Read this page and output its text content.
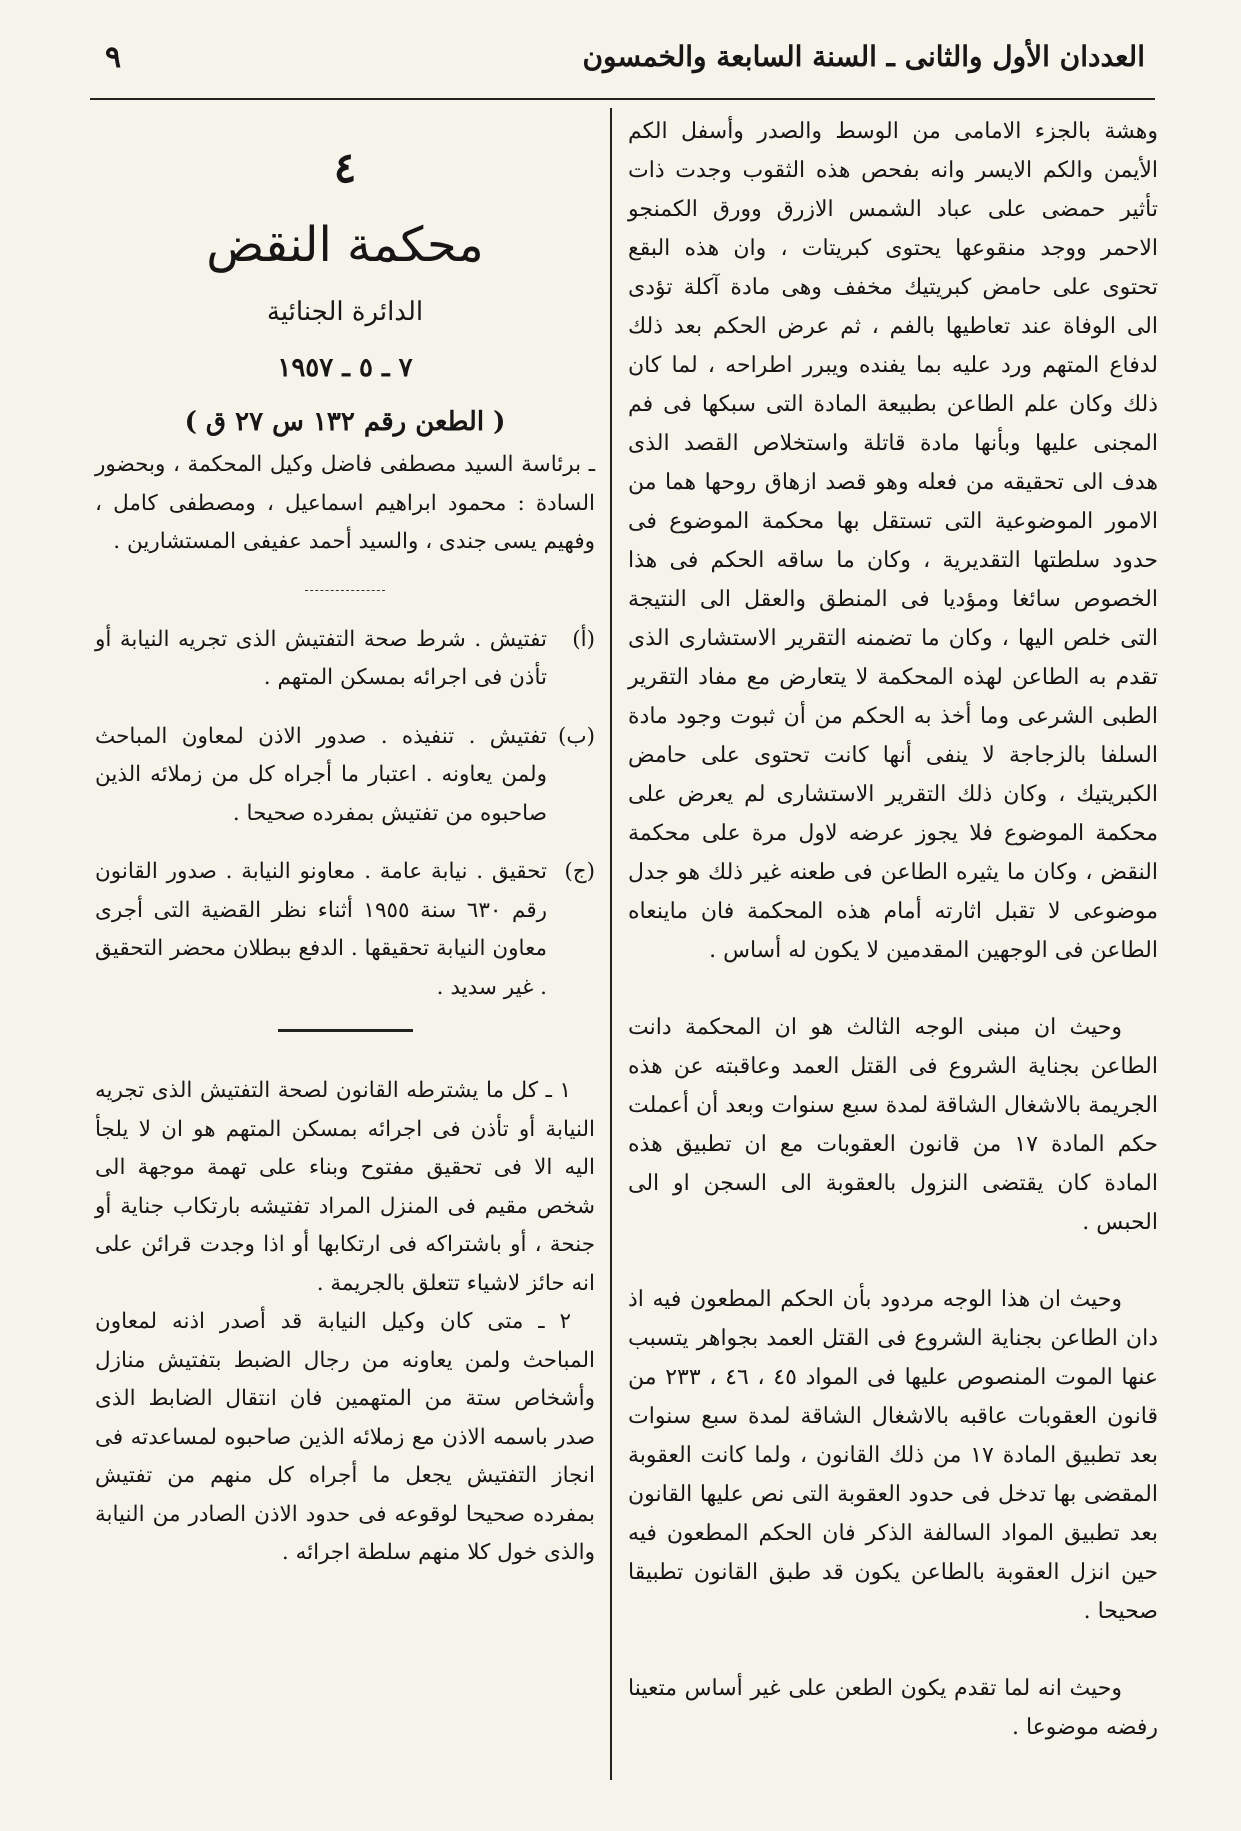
العددان الأول والثانى ـ السنة السابعة والخمسون
٩

وهشة بالجزء الامامى من الوسط والصدر وأسفل الكم الأيمن والكم الايسر وانه بفحص هذه الثقوب وجدت ذات تأثير حمضى على عباد الشمس الازرق وورق الكمنجو الاحمر ووجد منقوعها يحتوى كبريتات ، وان هذه البقع تحتوى على حامض كبريتيك مخفف وهى مادة آكلة تؤدى الى الوفاة عند تعاطيها بالفم ، ثم عرض الحكم بعد ذلك لدفاع المتهم ورد عليه بما يفنده ويبرر اطراحه ، لما كان ذلك وكان علم الطاعن بطبيعة المادة التى سبكها فى فم المجنى عليها وبأنها مادة قاتلة واستخلاص القصد الذى هدف الى تحقيقه من فعله وهو قصد ازهاق روحها هما من الامور الموضوعية التى تستقل بها محكمة الموضوع فى حدود سلطتها التقديرية ، وكان ما ساقه الحكم فى هذا الخصوص سائغا ومؤديا فى المنطق والعقل الى النتيجة التى خلص اليها ، وكان ما تضمنه التقرير الاستشارى الذى تقدم به الطاعن لهذه المحكمة لا يتعارض مع مفاد التقرير الطبى الشرعى وما أخذ به الحكم من أن ثبوت وجود مادة السلفا بالزجاجة لا ينفى أنها كانت تحتوى على حامض الكبريتيك ، وكان ذلك التقرير الاستشارى لم يعرض على محكمة الموضوع فلا يجوز عرضه لاول مرة على محكمة النقض ، وكان ما يثيره الطاعن فى طعنه غير ذلك هو جدل موضوعى لا تقبل اثارته أمام هذه المحكمة فان ماينعاه الطاعن فى الوجهين المقدمين لا يكون له أساس .

وحيث ان مبنى الوجه الثالث هو ان المحكمة دانت الطاعن بجناية الشروع فى القتل العمد وعاقبته عن هذه الجريمة بالاشغال الشاقة لمدة سبع سنوات وبعد أن أعملت حكم المادة ١٧ من قانون العقوبات مع ان تطبيق هذه المادة كان يقتضى النزول بالعقوبة الى السجن او الى الحبس .

وحيث ان هذا الوجه مردود بأن الحكم المطعون فيه اذ دان الطاعن بجناية الشروع فى القتل العمد بجواهر يتسبب عنها الموت المنصوص عليها فى المواد ٤٥ ، ٤٦ ، ٢٣٣ من قانون العقوبات عاقبه بالاشغال الشاقة لمدة سبع سنوات بعد تطبيق المادة ١٧ من ذلك القانون ، ولما كانت العقوبة المقضى بها تدخل فى حدود العقوبة التى نص عليها القانون بعد تطبيق المواد السالفة الذكر فان الحكم المطعون فيه حين انزل العقوبة بالطاعن يكون قد طبق القانون تطبيقا صحيحا .

وحيث انه لما تقدم يكون الطعن على غير أساس متعينا رفضه موضوعا .

٤
محكمة النقض
الدائرة الجنائية
٧ ـ ٥ ـ ١٩٥٧
( الطعن رقم ١٣٢ س ٢٧ ق )

ـ برئاسة السيد مصطفى فاضل وكيل المحكمة ، وبحضور السادة : محمود ابراهيم اسماعيل ، ومصطفى كامل ، وفهيم يسى جندى ، والسيد أحمد عفيفى المستشارين .

(أ)
تفتيش . شرط صحة التفتيش الذى تجريه النيابة أو تأذن فى اجرائه بمسكن المتهم .
(ب)
تفتيش . تنفيذه . صدور الاذن لمعاون المباحث ولمن يعاونه . اعتبار ما أجراه كل من زملائه الذين صاحبوه من تفتيش بمفرده صحيحا .
(ج)
تحقيق . نيابة عامة . معاونو النيابة . صدور القانون رقم ٦٣٠ سنة ١٩٥٥ أثناء نظر القضية التى أجرى معاون النيابة تحقيقها . الدفع ببطلان محضر التحقيق . غير سديد .

١ ـ كل ما يشترطه القانون لصحة التفتيش الذى تجريه النيابة أو تأذن فى اجرائه بمسكن المتهم هو ان لا يلجأ اليه الا فى تحقيق مفتوح وبناء على تهمة موجهة الى شخص مقيم فى المنزل المراد تفتيشه بارتكاب جناية أو جنحة ، أو باشتراكه فى ارتكابها أو اذا وجدت قرائن على انه حائز لاشياء تتعلق بالجريمة .

٢ ـ متى كان وكيل النيابة قد أصدر اذنه لمعاون المباحث ولمن يعاونه من رجال الضبط بتفتيش منازل وأشخاص ستة من المتهمين فان انتقال الضابط الذى صدر باسمه الاذن مع زملائه الذين صاحبوه لمساعدته فى انجاز التفتيش يجعل ما أجراه كل منهم من تفتيش بمفرده صحيحا لوقوعه فى حدود الاذن الصادر من النيابة والذى خول كلا منهم سلطة اجرائه .
